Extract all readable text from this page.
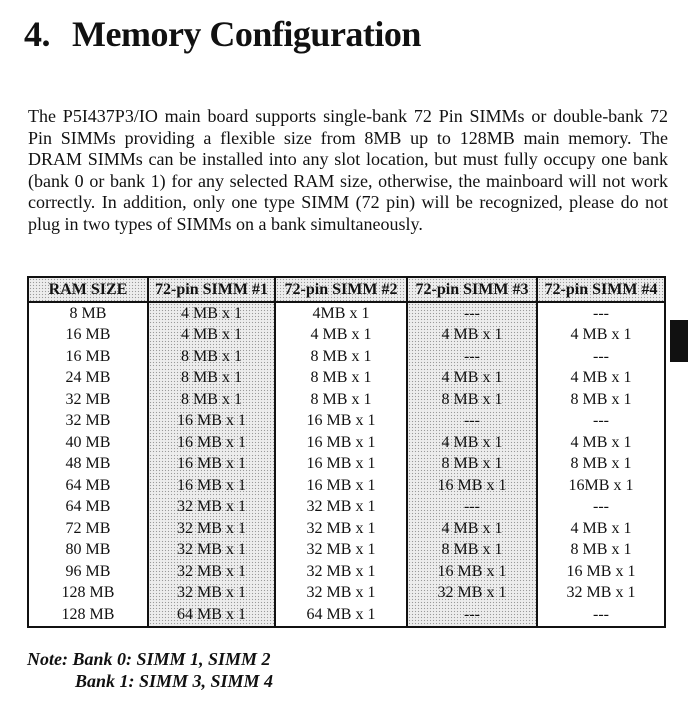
4. Memory Configuration
The P5I437P3/IO main board supports single-bank 72 Pin SIMMs or double-bank 72 Pin SIMMs providing a flexible size from 8MB up to 128MB main memory. The DRAM SIMMs can be installed into any slot location, but must fully occupy one bank (bank 0 or bank 1) for any selected RAM size, otherwise, the mainboard will not work correctly. In addition, only one type SIMM (72 pin) will be recognized, please do not plug in two types of SIMMs on a bank simultaneously.
RAM SIZE	72-pin SIMM #1	72-pin SIMM #2	72-pin SIMM #3	72-pin SIMM #4
8 MB	4 MB x 1	4MB x 1	---	---
16 MB	4 MB x 1	4 MB x 1	4 MB x 1	4 MB x 1
16 MB	8 MB x 1	8 MB x 1	---	---
24 MB	8 MB x 1	8 MB x 1	4 MB x 1	4 MB x 1
32 MB	8 MB x 1	8 MB x 1	8 MB x 1	8 MB x 1
32 MB	16 MB x 1	16 MB x 1	---	---
40 MB	16 MB x 1	16 MB x 1	4 MB x 1	4 MB x 1
48 MB	16 MB x 1	16 MB x 1	8 MB x 1	8 MB x 1
64 MB	16 MB x 1	16 MB x 1	16 MB x 1	16MB x 1
64 MB	32 MB x 1	32 MB x 1	---	---
72 MB	32 MB x 1	32 MB x 1	4 MB x 1	4 MB x 1
80 MB	32 MB x 1	32 MB x 1	8 MB x 1	8 MB x 1
96 MB	32 MB x 1	32 MB x 1	16 MB x 1	16 MB x 1
128 MB	32 MB x 1	32 MB x 1	32 MB x 1	32 MB x 1
128 MB	64 MB x 1	64 MB x 1	---	---
Note: Bank 0: SIMM 1, SIMM 2
Bank 1: SIMM 3, SIMM 4
